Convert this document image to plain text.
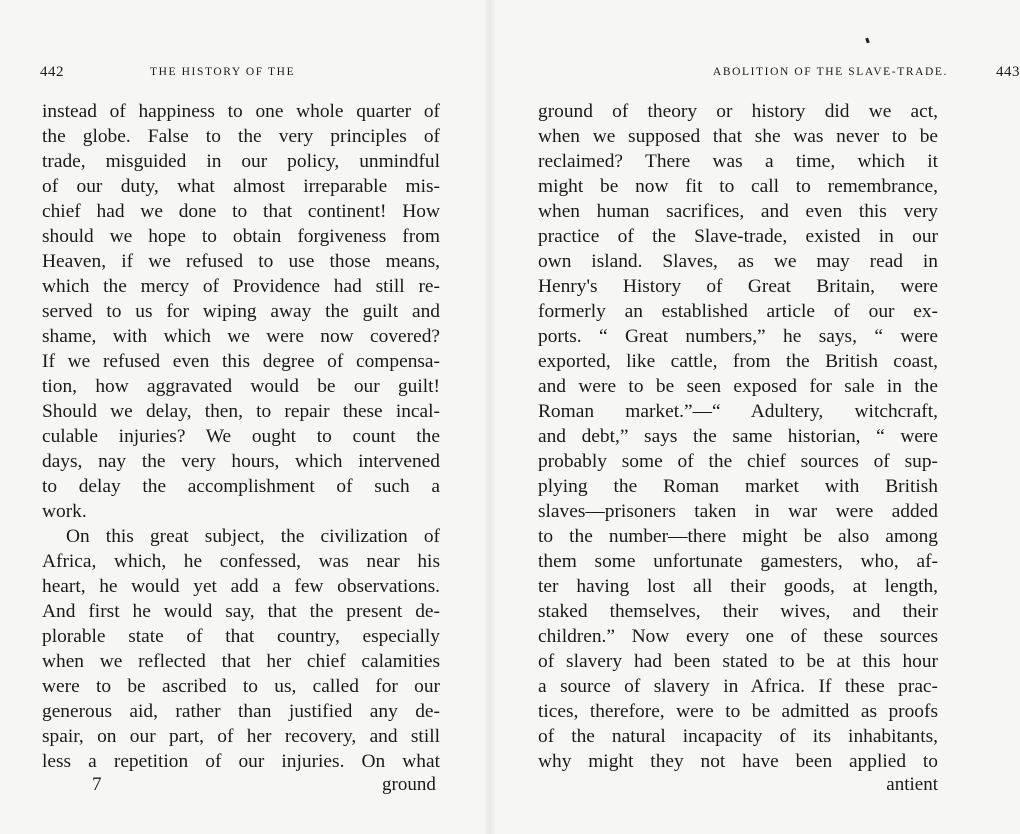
442	THE HISTORY OF THE
instead of happiness to one whole quarter of
the globe. False to the very principles of
trade, misguided in our policy, unmindful
of our duty, what almost irreparable mis-
chief had we done to that continent! How
should we hope to obtain forgiveness from
Heaven, if we refused to use those means,
which the mercy of Providence had still re-
served to us for wiping away the guilt and
shame, with which we were now covered?
If we refused even this degree of compensa-
tion, how aggravated would be our guilt!
Should we delay, then, to repair these incal-
culable injuries? We ought to count the
days, nay the very hours, which intervened
to delay the accomplishment of such a
work.
On this great subject, the civilization of
Africa, which, he confessed, was near his
heart, he would yet add a few observations.
And first he would say, that the present de-
plorable state of that country, especially
when we reflected that her chief calamities
were to be ascribed to us, called for our
generous aid, rather than justified any de-
spair, on our part, of her recovery, and still
less a repetition of our injuries. On what
7	ground
ABOLITION OF THE SLAVE-TRADE.	443
ground of theory or history did we act,
when we supposed that she was never to be
reclaimed? There was a time, which it
might be now fit to call to remembrance,
when human sacrifices, and even this very
practice of the Slave-trade, existed in our
own island. Slaves, as we may read in
Henry's History of Great Britain, were
formerly an established article of our ex-
ports. “ Great numbers,” he says, “ were
exported, like cattle, from the British coast,
and were to be seen exposed for sale in the
Roman market.”—“ Adultery, witchcraft,
and debt,” says the same historian, “ were
probably some of the chief sources of sup-
plying the Roman market with British
slaves—prisoners taken in war were added
to the number—there might be also among
them some unfortunate gamesters, who, af-
ter having lost all their goods, at length,
staked themselves, their wives, and their
children.” Now every one of these sources
of slavery had been stated to be at this hour
a source of slavery in Africa. If these prac-
tices, therefore, were to be admitted as proofs
of the natural incapacity of its inhabitants,
why might they not have been applied to
antient
